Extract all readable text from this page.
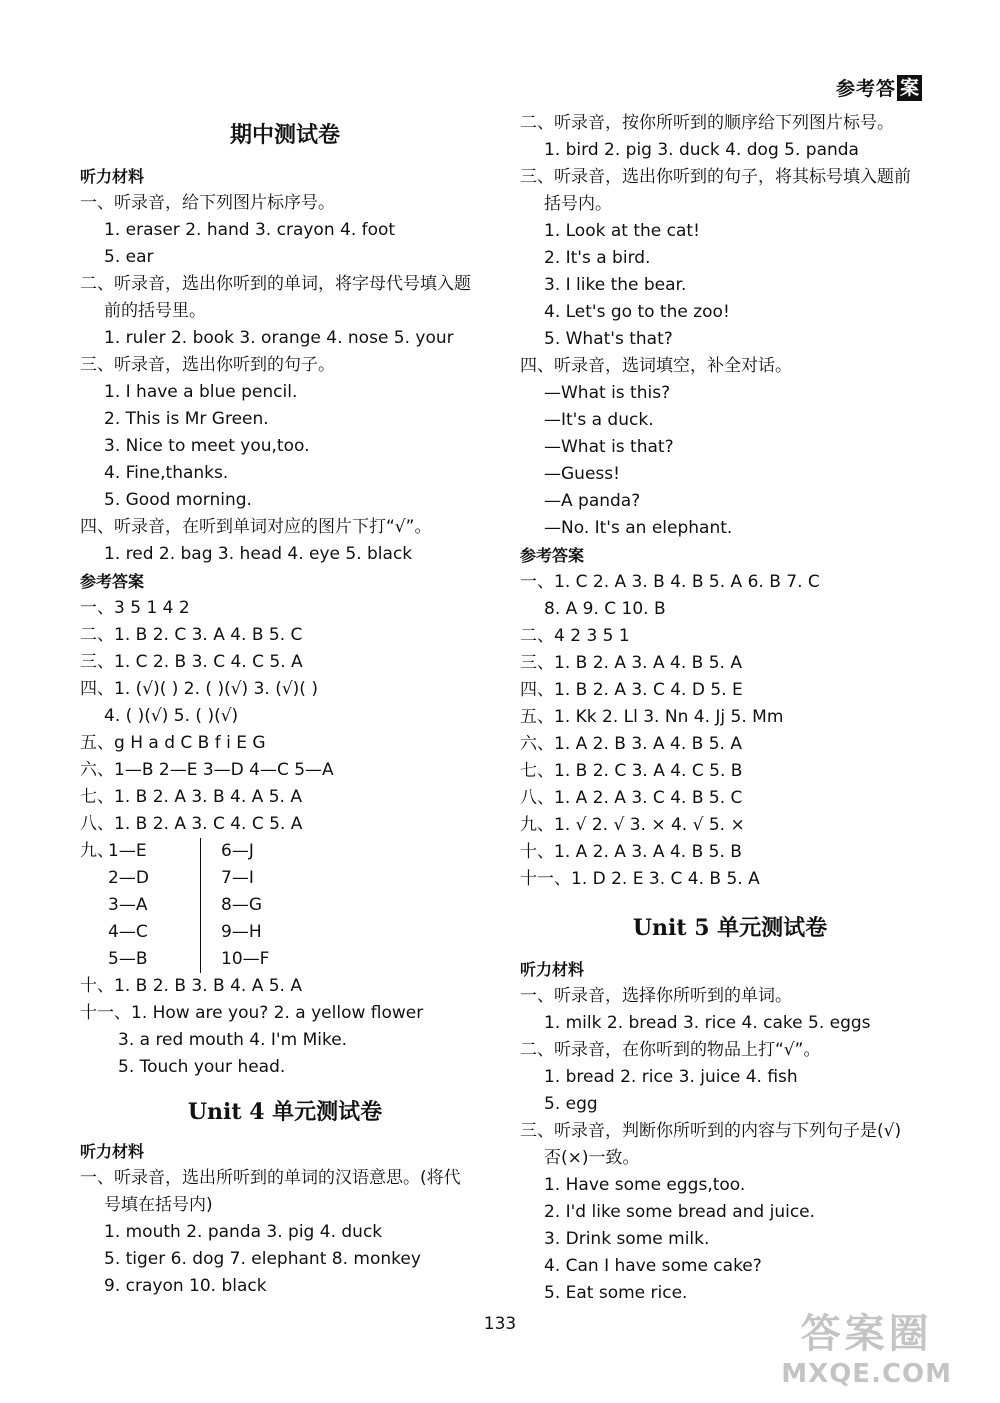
参考答 案
期中测试卷
听力材料
一、听录音，给下列图片标序号。
1. eraser 2. hand 3. crayon 4. foot
5. ear
二、听录音，选出你听到的单词，将字母代号填入题
前的括号里。
1. ruler 2. book 3. orange 4. nose 5. your
三、听录音，选出你听到的句子。
1. I have a blue pencil.
2. This is Mr Green.
3. Nice to meet you,too.
4. Fine,thanks.
5. Good morning.
四、听录音，在听到单词对应的图片下打“√”。
1. red 2. bag 3. head 4. eye 5. black
参考答案
一、3 5 1 4 2
二、1. B 2. C 3. A 4. B 5. C
三、1. C 2. B 3. C 4. C 5. A
四、1. (√)( ) 2. ( )(√) 3. (√)( )
4. ( )(√) 5. ( )(√)
五、g H a d C B f i E G
六、1—B 2—E 3—D 4—C 5—A
七、1. B 2. A 3. B 4. A 5. A
八、1. B 2. A 3. C 4. C 5. A
九、
1—E
2—D
3—A
4—C
5—B
6—J
7—I
8—G
9—H
10—F
十、1. B 2. B 3. B 4. A 5. A
十一、1. How are you? 2. a yellow flower
3. a red mouth 4. I'm Mike.
5. Touch your head.
Unit 4 单元测试卷
听力材料
一、听录音，选出所听到的单词的汉语意思。(将代
号填在括号内)
1. mouth 2. panda 3. pig 4. duck
5. tiger 6. dog 7. elephant 8. monkey
9. crayon 10. black
二、听录音，按你所听到的顺序给下列图片标号。
1. bird 2. pig 3. duck 4. dog 5. panda
三、听录音，选出你听到的句子，将其标号填入题前
括号内。
1. Look at the cat!
2. It's a bird.
3. I like the bear.
4. Let's go to the zoo!
5. What's that?
四、听录音，选词填空，补全对话。
—What is this?
—It's a duck.
—What is that?
—Guess!
—A panda?
—No. It's an elephant.
参考答案
一、1. C 2. A 3. B 4. B 5. A 6. B 7. C
8. A 9. C 10. B
二、4 2 3 5 1
三、1. B 2. A 3. A 4. B 5. A
四、1. B 2. A 3. C 4. D 5. E
五、1. Kk 2. Ll 3. Nn 4. Jj 5. Mm
六、1. A 2. B 3. A 4. B 5. A
七、1. B 2. C 3. A 4. C 5. B
八、1. A 2. A 3. C 4. B 5. C
九、1. √ 2. √ 3. × 4. √ 5. ×
十、1. A 2. A 3. A 4. B 5. B
十一、1. D 2. E 3. C 4. B 5. A
Unit 5 单元测试卷
听力材料
一、听录音，选择你所听到的单词。
1. milk 2. bread 3. rice 4. cake 5. eggs
二、听录音，在你听到的物品上打“√”。
1. bread 2. rice 3. juice 4. fish
5. egg
三、听录音，判断你所听到的内容与下列句子是(√)
否(×)一致。
1. Have some eggs,too.
2. I'd like some bread and juice.
3. Drink some milk.
4. Can I have some cake?
5. Eat some rice.
133	答案圈
MXQE.COM
